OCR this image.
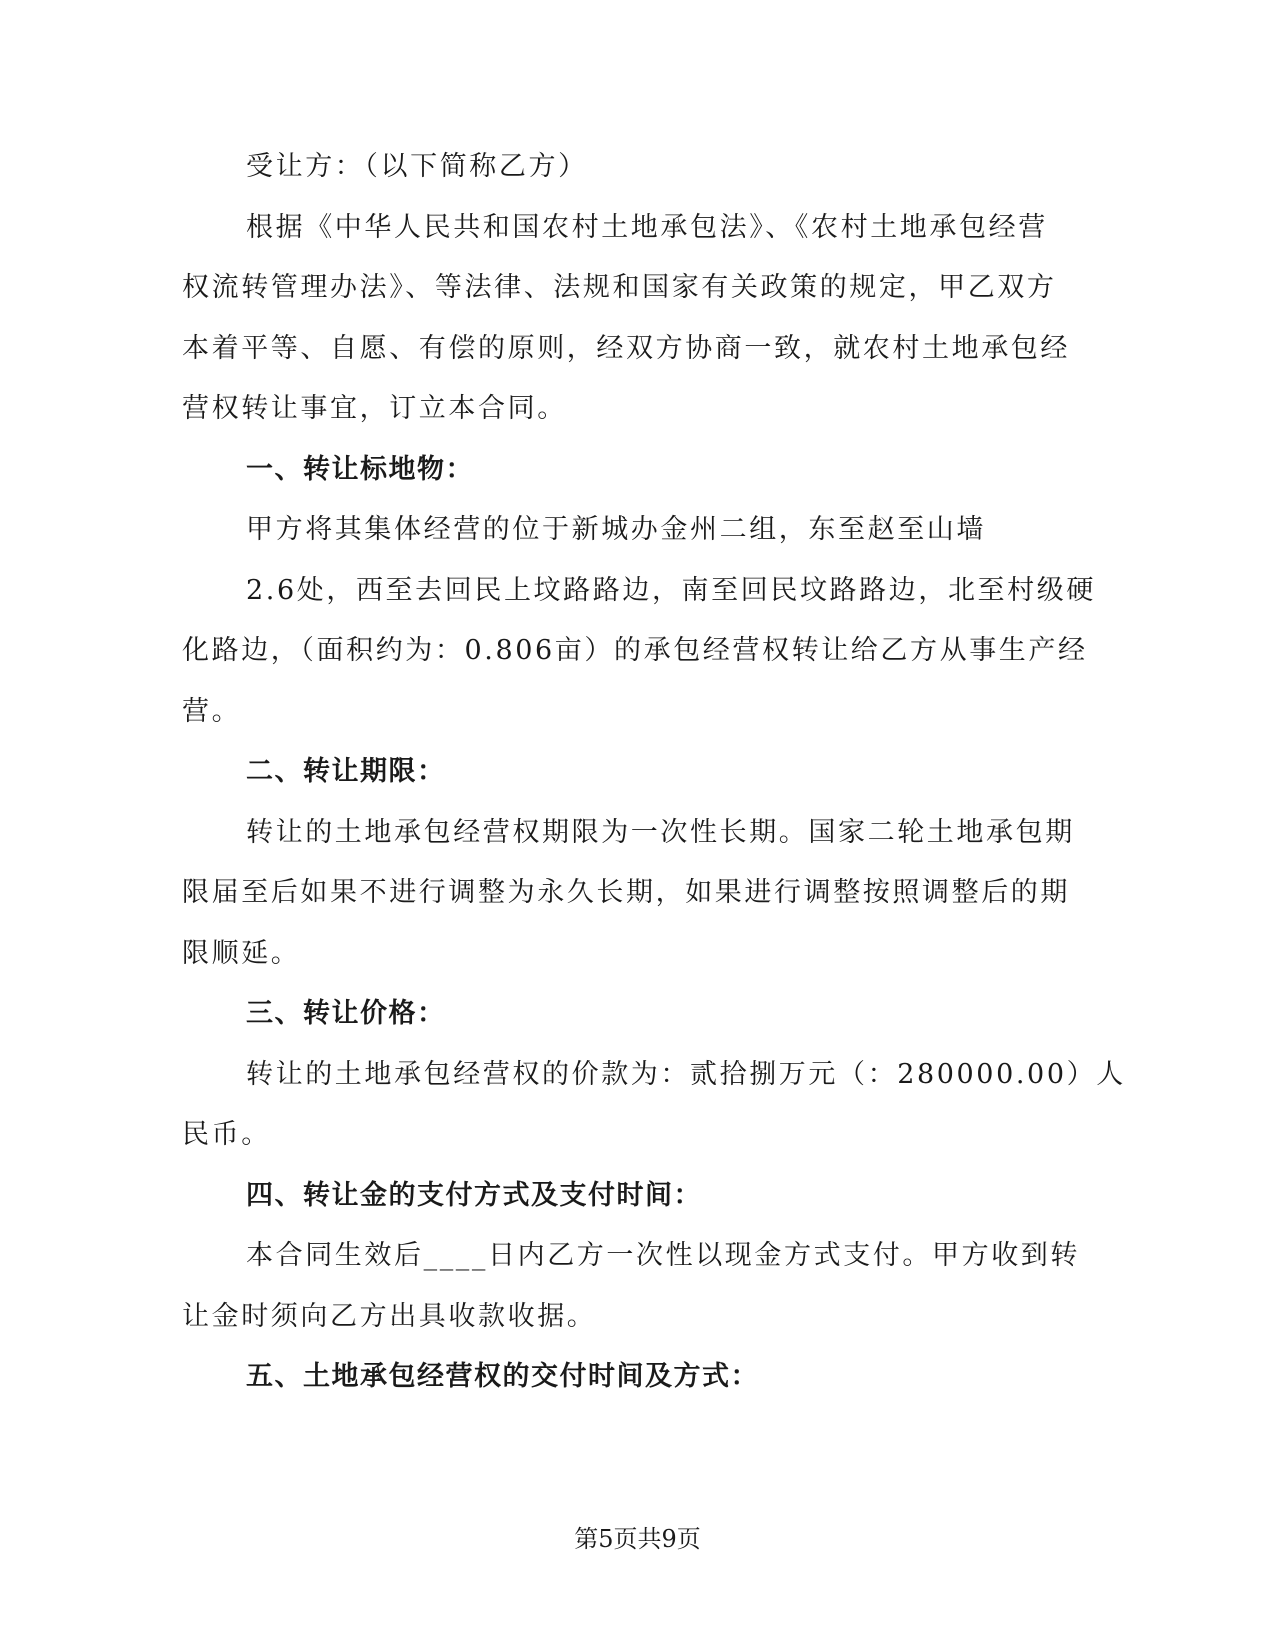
受让方：（以下简称乙方）
根据《中华人民共和国农村土地承包法》、《农村土地承包经营
权流转管理办法》、等法律、法规和国家有关政策的规定，甲乙双方
本着平等、自愿、有偿的原则，经双方协商一致，就农村土地承包经
营权转让事宜，订立本合同。
一、转让标地物：
甲方将其集体经营的位于新城办金州二组，东至赵至山墙
2.6处，西至去回民上坟路路边，南至回民坟路路边，北至村级硬
化路边，（面积约为：0.806亩）的承包经营权转让给乙方从事生产经
营。
二、转让期限：
转让的土地承包经营权期限为一次性长期。国家二轮土地承包期
限届至后如果不进行调整为永久长期，如果进行调整按照调整后的期
限顺延。
三、转让价格：
转让的土地承包经营权的价款为：贰拾捌万元（：280000.00）人
民币。
四、转让金的支付方式及支付时间：
本合同生效后____日内乙方一次性以现金方式支付。甲方收到转
让金时须向乙方出具收款收据。
五、土地承包经营权的交付时间及方式：
第5页共9页
